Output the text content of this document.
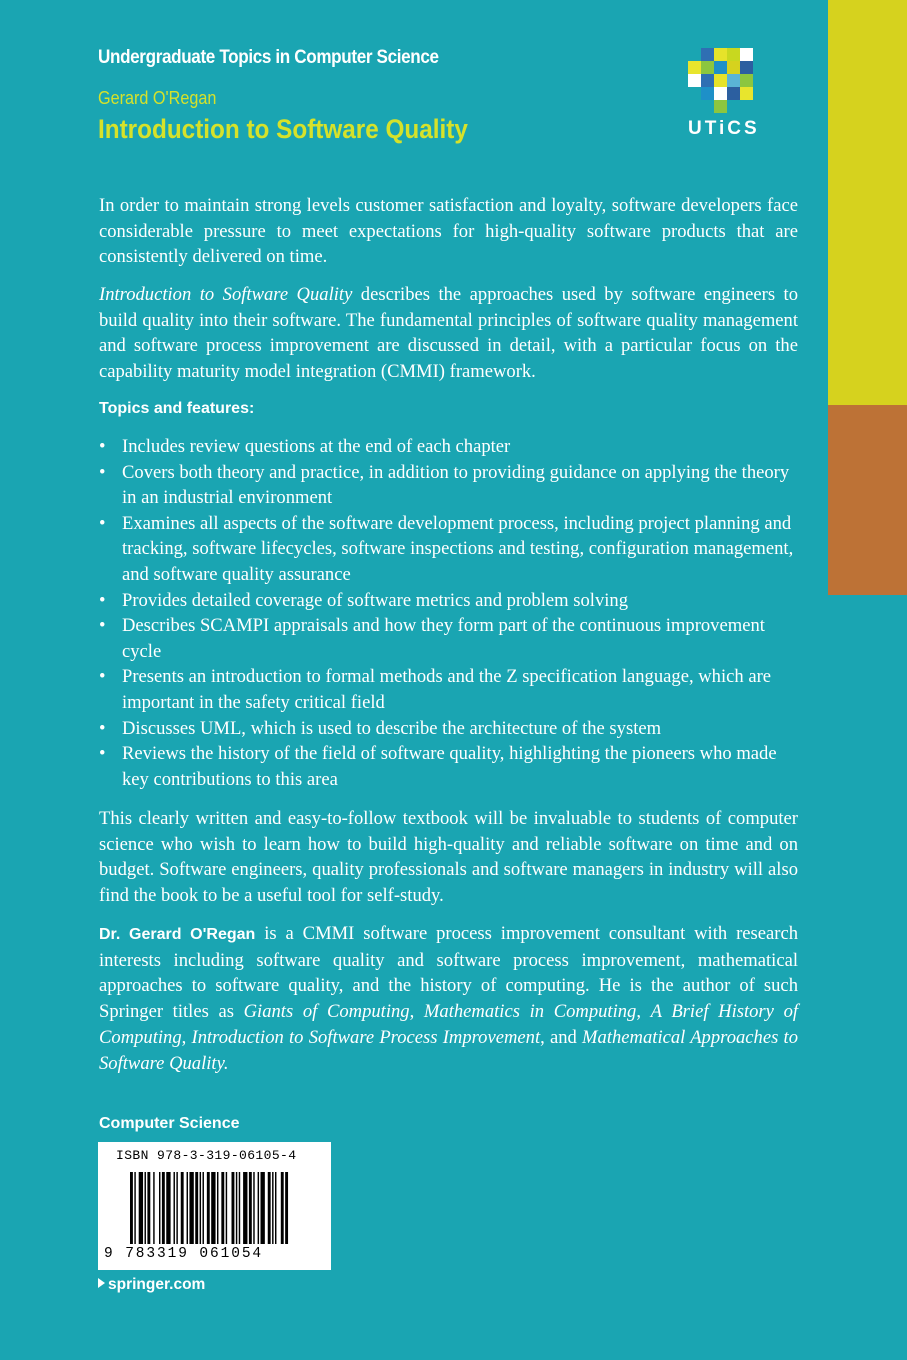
Undergraduate Topics in Computer Science
Gerard O'Regan
Introduction to Software Quality	UTiCS

In order to maintain strong levels customer satisfaction and loyalty, software developers face considerable pressure to meet expectations for high-quality software products that are consistently delivered on time.

Introduction to Software Quality describes the approaches used by software engineers to build quality into their software. The fundamental principles of software quality management and software process improvement are discussed in detail, with a particular focus on the capability maturity model integration (CMMI) framework.

Topics and features:

• Includes review questions at the end of each chapter
• Covers both theory and practice, in addition to providing guidance on applying the theory in an industrial environment
• Examines all aspects of the software development process, including project planning and tracking, software lifecycles, software inspections and testing, configuration management, and software quality assurance
• Provides detailed coverage of software metrics and problem solving
• Describes SCAMPI appraisals and how they form part of the continuous improvement cycle
• Presents an introduction to formal methods and the Z specification language, which are important in the safety critical field
• Discusses UML, which is used to describe the architecture of the system
• Reviews the history of the field of software quality, highlighting the pioneers who made key contributions to this area

This clearly written and easy-to-follow textbook will be invaluable to students of computer science who wish to learn how to build high-quality and reliable software on time and on budget. Software engineers, quality professionals and software managers in industry will also find the book to be a useful tool for self-study.

Dr. Gerard O'Regan is a CMMI software process improvement consultant with research interests including software quality and software process improvement, mathematical approaches to software quality, and the history of computing. He is the author of such Springer titles as Giants of Computing, Mathematics in Computing, A Brief History of Computing, Introduction to Software Process Improvement, and Mathematical Approaches to Software Quality.

Computer Science

ISBN 978-3-319-06105-4
9 783319 061054
springer.com
